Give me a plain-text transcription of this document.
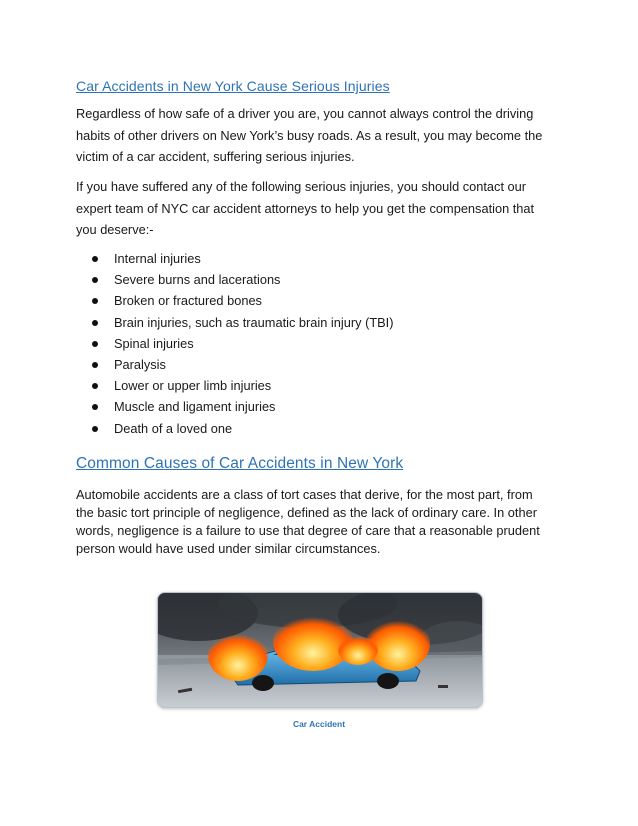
Car Accidents in New York Cause Serious Injuries
Regardless of how safe of a driver you are, you cannot always control the driving
habits of other drivers on New York’s busy roads. As a result, you may become the
victim of a car accident, suffering serious injuries.
If you have suffered any of the following serious injuries, you should contact our
expert team of NYC car accident attorneys to help you get the compensation that
you deserve:-
Internal injuries
Severe burns and lacerations
Broken or fractured bones
Brain injuries, such as traumatic brain injury (TBI)
Spinal injuries
Paralysis
Lower or upper limb injuries
Muscle and ligament injuries
Death of a loved one
Common Causes of Car Accidents in New York
Automobile accidents are a class of tort cases that derive, for the most part, from
the basic tort principle of negligence, defined as the lack of ordinary care. In other
words, negligence is a failure to use that degree of care that a reasonable prudent
person would have used under similar circumstances.
Car Accident
